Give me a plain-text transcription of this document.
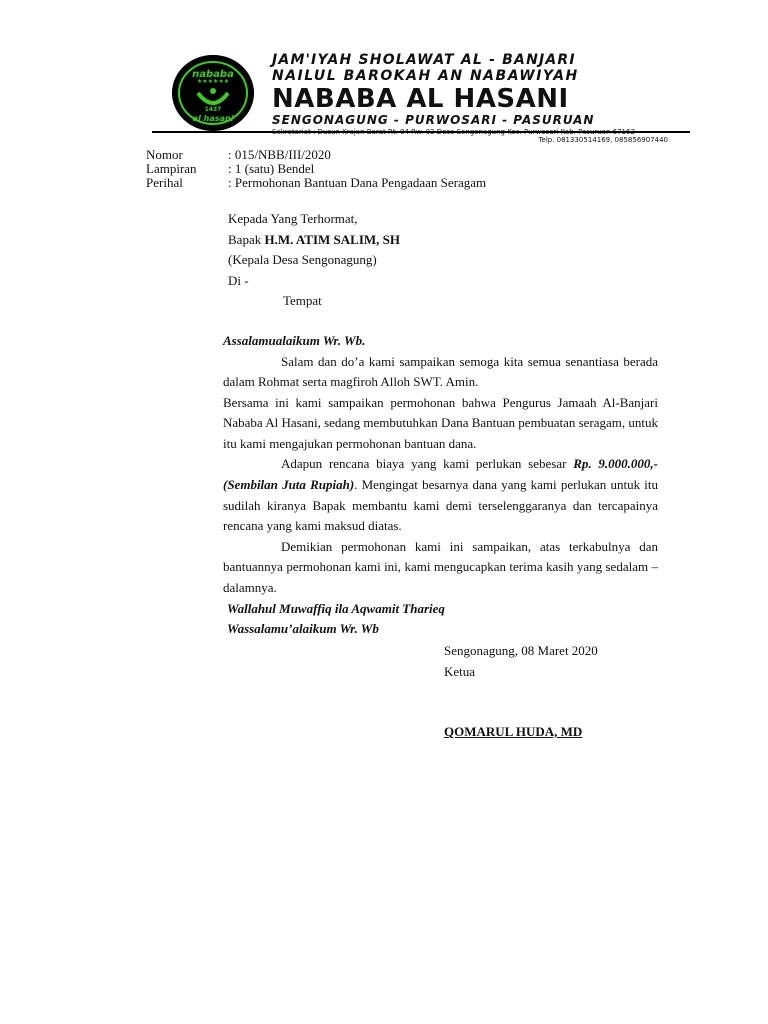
nababa
★★★★★★
1437
al hasani
JAM'IYAH SHOLAWAT AL - BANJARI
NAILUL BAROKAH AN NABAWIYAH
NABABA AL HASANI
SENGONAGUNG - PURWOSARI - PASURUAN
Telp. 081330514169, 085856907440
Nomor	: 015/NBB/III/2020
Lampiran	: 1 (satu) Bendel
Perihal	: Permohonan Bantuan Dana Pengadaan Seragam
Kepada Yang Terhormat,
Bapak H.M. ATIM SALIM, SH
(Kepala Desa Sengonagung)
Di -
Tempat
Assalamualaikum Wr. Wb.
Salam dan do’a kami sampaikan semoga kita semua senantiasa berada dalam Rohmat serta magfiroh Alloh SWT. Amin.
Bersama ini kami sampaikan permohonan bahwa Pengurus Jamaah Al-Banjari Nababa Al Hasani, sedang membutuhkan Dana Bantuan pembuatan seragam, untuk itu kami mengajukan permohonan bantuan dana.
Adapun rencana biaya yang kami perlukan sebesar Rp. 9.000.000,- (Sembilan Juta Rupiah). Mengingat besarnya dana yang kami perlukan untuk itu sudilah kiranya Bapak membantu kami demi terselenggaranya dan tercapainya rencana yang kami maksud diatas.
Demikian permohonan kami ini sampaikan, atas terkabulnya dan bantuannya permohonan kami ini, kami mengucapkan terima kasih yang sedalam – dalamnya.
Wallahul Muwaffiq ila Aqwamit Tharieq
Wassalamu’alaikum Wr. Wb
Sengonagung, 08 Maret 2020
Ketua
QOMARUL HUDA, MD
